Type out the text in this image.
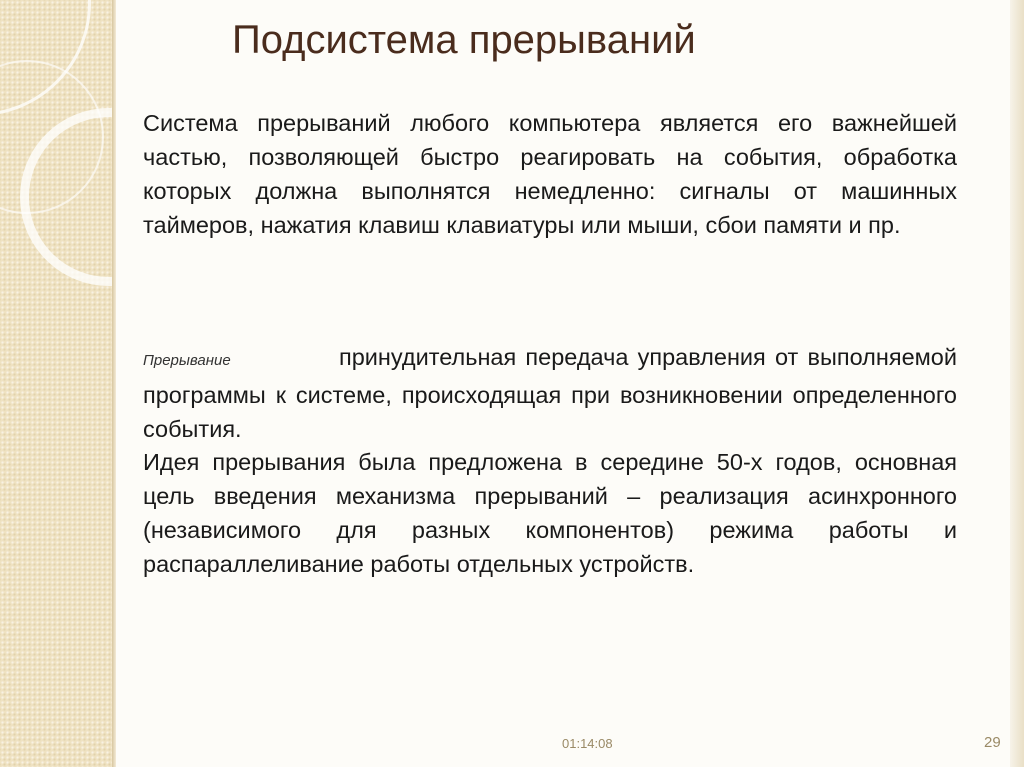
Подсистема прерываний

Система прерываний любого компьютера является его важнейшей частью, позволяющей быстро реагировать на события, обработка которых должна выполнятся немедленно: сигналы от машинных таймеров, нажатия клавиш клавиатуры или мыши, сбои памяти и пр.

Прерывание	принудительная передача управления от выполняемой программы к системе, происходящая при возникновении определенного события.

Идея прерывания была предложена в середине 50-х годов, основная цель введения механизма прерываний – реализация асинхронного (независимого для разных компонентов) режима работы и распараллеливание работы отдельных устройств.

01:14:08	29
